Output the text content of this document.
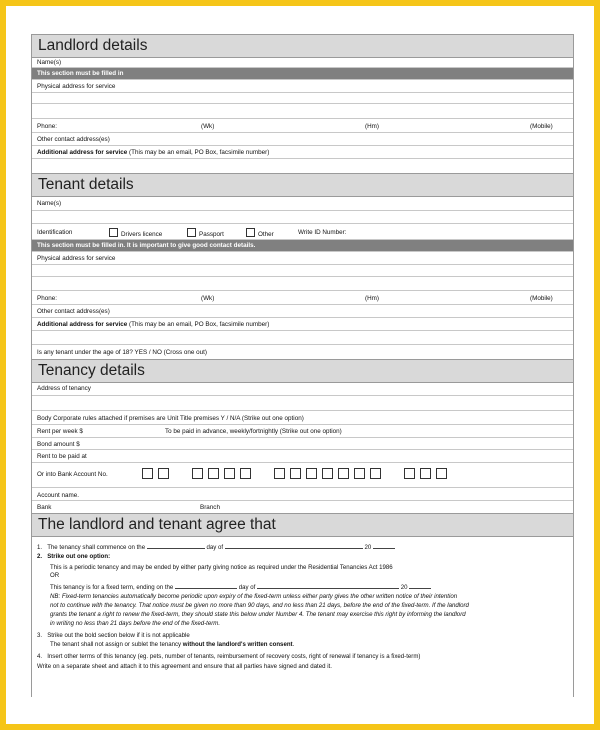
Landlord details
Name(s)
This section must be filled in
Physical address for service
Phone:	(Wk)	(Hm)	(Mobile)
Other contact address(es)
Additional address for service (This may be an email, PO Box, facsimile number)
Tenant details
Name(s)
Identification	Drivers licence	Passport	Other	Write ID Number:
This section must be filled in. It is important to give good contact details.
Physical address for service
Phone:	(Wk)	(Hm)	(Mobile)
Other contact address(es)
Additional address for service (This may be an email, PO Box, facsimile number)
Is any tenant under the age of 18? YES / NO (Cross one out)
Tenancy details
Address of tenancy
Body Corporate rules attached if premises are Unit Title premises Y / N/A (Strike out one option)
Rent per week $	To be paid in advance, weekly/fortnightly (Strike out one option)
Bond amount $
Rent to be paid at
Or into Bank Account No.
Account name.
Bank	Branch
The landlord and tenant agree that
1. The tenancy shall commence on the	day of	20
2. Strike out one option:
This is a periodic tenancy and may be ended by either party giving notice as required under the Residential Tenancies Act 1986
OR
This tenancy is for a fixed term, ending on the	day of	20
NB: Fixed-term tenancies automatically become periodic upon expiry of the fixed-term unless either party gives the other written notice of their intention
not to continue with the tenancy. That notice must be given no more than 90 days, and no less than 21 days, before the end of the fixed-term. If the landlord
grants the tenant a right to renew the fixed-term, they should state this below under Number 4. The tenant may exercise this right by informing the landlord
in writing no less than 21 days before the end of the fixed-term.
3. Strike out the bold section below if it is not applicable
The tenant shall not assign or sublet the tenancy without the landlord's written consent.
4. Insert other terms of this tenancy (eg. pets, number of tenants, reimbursement of recovery costs, right of renewal if tenancy is a fixed-term)
Write on a separate sheet and attach it to this agreement and ensure that all parties have signed and dated it.
